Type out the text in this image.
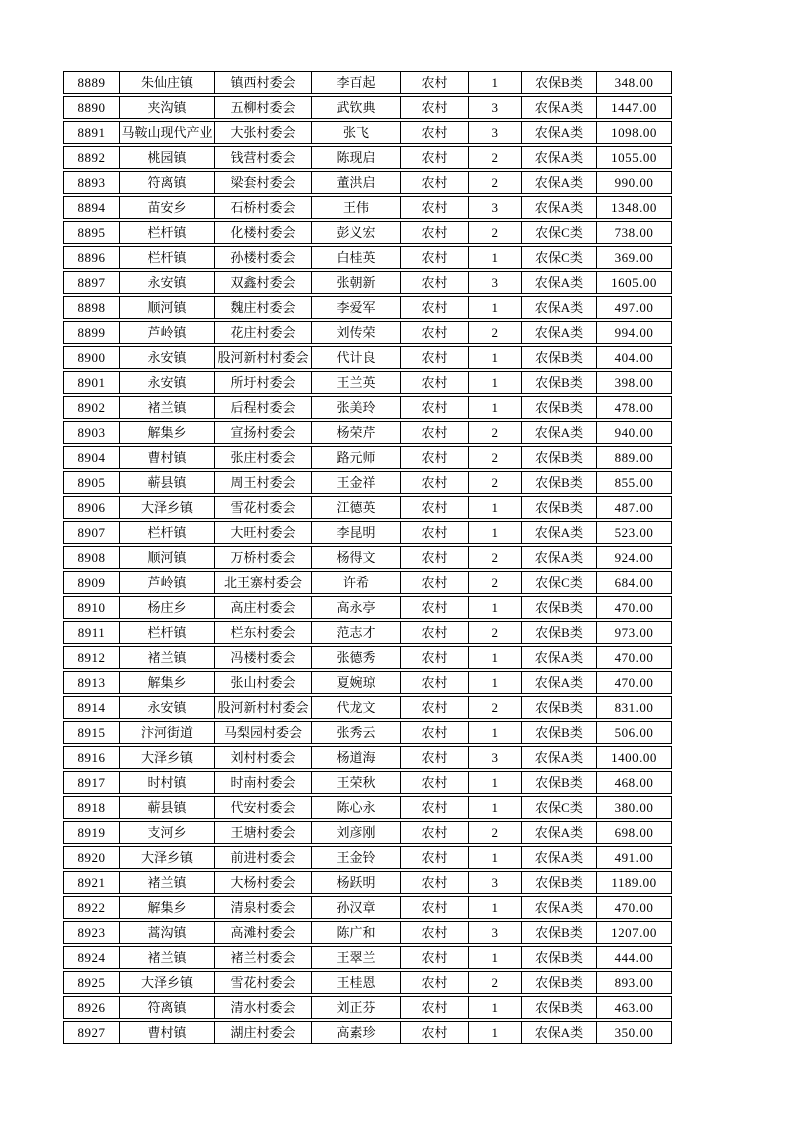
8889	朱仙庄镇	镇西村委会	李百起	农村	1	农保B类	348.00
8890	夹沟镇	五柳村委会	武钦典	农村	3	农保A类	1447.00
8891	马鞍山现代产业	大张村委会	张飞	农村	3	农保A类	1098.00
8892	桃园镇	钱营村委会	陈现启	农村	2	农保A类	1055.00
8893	符离镇	梁套村委会	董洪启	农村	2	农保A类	990.00
8894	苗安乡	石桥村委会	王伟	农村	3	农保A类	1348.00
8895	栏杆镇	化楼村委会	彭义宏	农村	2	农保C类	738.00
8896	栏杆镇	孙楼村委会	白桂英	农村	1	农保C类	369.00
8897	永安镇	双鑫村委会	张朝新	农村	3	农保A类	1605.00
8898	顺河镇	魏庄村委会	李爱军	农村	1	农保A类	497.00
8899	芦岭镇	花庄村委会	刘传荣	农村	2	农保A类	994.00
8900	永安镇	股河新村村委会	代计良	农村	1	农保B类	404.00
8901	永安镇	所圩村委会	王兰英	农村	1	农保B类	398.00
8902	褚兰镇	后程村委会	张美玲	农村	1	农保B类	478.00
8903	解集乡	宣扬村委会	杨荣芹	农村	2	农保A类	940.00
8904	曹村镇	张庄村委会	路元师	农村	2	农保B类	889.00
8905	蕲县镇	周王村委会	王金祥	农村	2	农保B类	855.00
8906	大泽乡镇	雪花村委会	江德英	农村	1	农保B类	487.00
8907	栏杆镇	大旺村委会	李昆明	农村	1	农保A类	523.00
8908	顺河镇	万桥村委会	杨得文	农村	2	农保A类	924.00
8909	芦岭镇	北王寨村委会	许希	农村	2	农保C类	684.00
8910	杨庄乡	高庄村委会	高永亭	农村	1	农保B类	470.00
8911	栏杆镇	栏东村委会	范志才	农村	2	农保B类	973.00
8912	褚兰镇	冯楼村委会	张德秀	农村	1	农保A类	470.00
8913	解集乡	张山村委会	夏婉琼	农村	1	农保A类	470.00
8914	永安镇	股河新村村委会	代龙文	农村	2	农保B类	831.00
8915	汴河街道	马梨园村委会	张秀云	农村	1	农保B类	506.00
8916	大泽乡镇	刘村村委会	杨道海	农村	3	农保A类	1400.00
8917	时村镇	时南村委会	王荣秋	农村	1	农保B类	468.00
8918	蕲县镇	代安村委会	陈心永	农村	1	农保C类	380.00
8919	支河乡	王塘村委会	刘彦刚	农村	2	农保A类	698.00
8920	大泽乡镇	前进村委会	王金铃	农村	1	农保A类	491.00
8921	褚兰镇	大杨村委会	杨跃明	农村	3	农保B类	1189.00
8922	解集乡	清泉村委会	孙汉章	农村	1	农保A类	470.00
8923	蒿沟镇	高滩村委会	陈广和	农村	3	农保B类	1207.00
8924	褚兰镇	褚兰村委会	王翠兰	农村	1	农保B类	444.00
8925	大泽乡镇	雪花村委会	王桂恩	农村	2	农保B类	893.00
8926	符离镇	清水村委会	刘正芬	农村	1	农保B类	463.00
8927	曹村镇	湖庄村委会	高素珍	农村	1	农保A类	350.00
